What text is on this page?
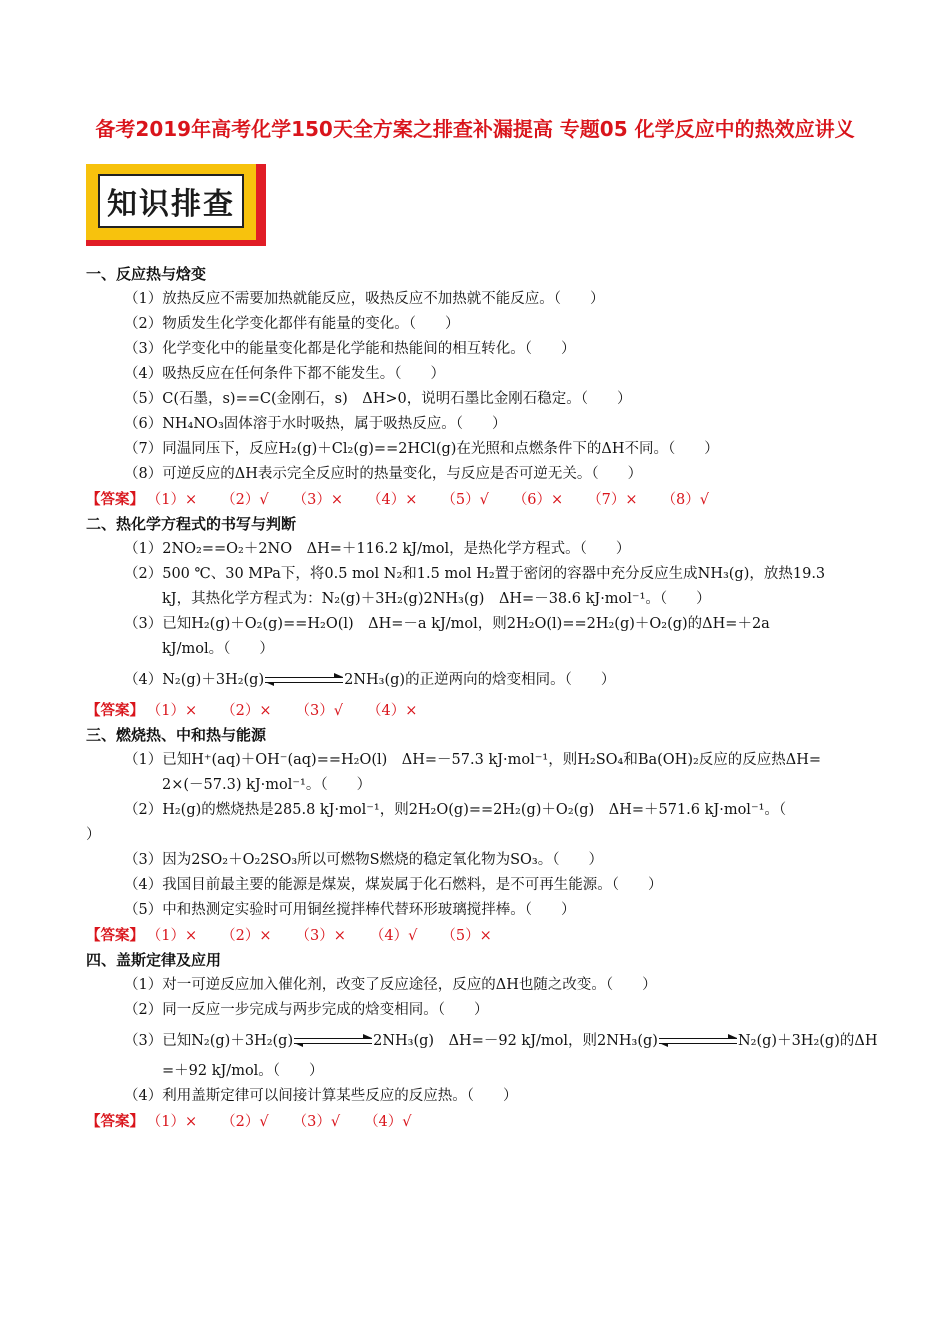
备考2019年高考化学150天全方案之排查补漏提高 专题05 化学反应中的热效应讲义
知识排查
一、反应热与焓变
（1）放热反应不需要加热就能反应，吸热反应不加热就不能反应。（　　）
（2）物质发生化学变化都伴有能量的变化。（　　）
（3）化学变化中的能量变化都是化学能和热能间的相互转化。（　　）
（4）吸热反应在任何条件下都不能发生。（　　）
（5）C(石墨，s)==C(金刚石，s)　ΔH>0，说明石墨比金刚石稳定。（　　）
（6）NH₄NO₃固体溶于水时吸热，属于吸热反应。（　　）
（7）同温同压下，反应H₂(g)＋Cl₂(g)==2HCl(g)在光照和点燃条件下的ΔH不同。（　　）
（8）可逆反应的ΔH表示完全反应时的热量变化，与反应是否可逆无关。（　　）
【答案】 （1）× （2）√ （3）× （4）× （5）√ （6）× （7）× （8）√
二、热化学方程式的书写与判断
（1）2NO₂==O₂＋2NO　ΔH=＋116.2 kJ/mol，是热化学方程式。（　　）
（2）500 ℃、30 MPa下，将0.5 mol N₂和1.5 mol H₂置于密闭的容器中充分反应生成NH₃(g)，放热19.3
kJ，其热化学方程式为：N₂(g)＋3H₂(g)2NH₃(g)　ΔH=－38.6 kJ·mol⁻¹。（　　）
（3）已知H₂(g)＋O₂(g)==H₂O(l)　ΔH=－a kJ/mol，则2H₂O(l)==2H₂(g)＋O₂(g)的ΔH=＋2a
kJ/mol。（　　）
（4）N₂(g)＋3H₂(g)	2NH₃(g)的正逆两向的焓变相同。（　　）
【答案】 （1）× （2）× （3）√ （4）×
三、燃烧热、中和热与能源
（1）已知H⁺(aq)＋OH⁻(aq)==H₂O(l)　ΔH=－57.3 kJ·mol⁻¹，则H₂SO₄和Ba(OH)₂反应的反应热ΔH=
2×(－57.3) kJ·mol⁻¹。（　　）
（2）H₂(g)的燃烧热是285.8 kJ·mol⁻¹，则2H₂O(g)==2H₂(g)＋O₂(g)　ΔH=＋571.6 kJ·mol⁻¹。（
）
（3）因为2SO₂＋O₂2SO₃所以可燃物S燃烧的稳定氧化物为SO₃。（　　）
（4）我国目前最主要的能源是煤炭，煤炭属于化石燃料，是不可再生能源。（　　）
（5）中和热测定实验时可用铜丝搅拌棒代替环形玻璃搅拌棒。（　　）
【答案】 （1）× （2）× （3）× （4）√ （5）×
四、盖斯定律及应用
（1）对一可逆反应加入催化剂，改变了反应途径，反应的ΔH也随之改变。（　　）
（2）同一反应一步完成与两步完成的焓变相同。（　　）
（3）已知N₂(g)＋3H₂(g)	2NH₃(g)　ΔH=－92 kJ/mol，则2NH₃(g)	N₂(g)＋3H₂(g)的ΔH
=＋92 kJ/mol。（　　）
（4）利用盖斯定律可以间接计算某些反应的反应热。（　　）
【答案】 （1）× （2）√ （3）√ （4）√
